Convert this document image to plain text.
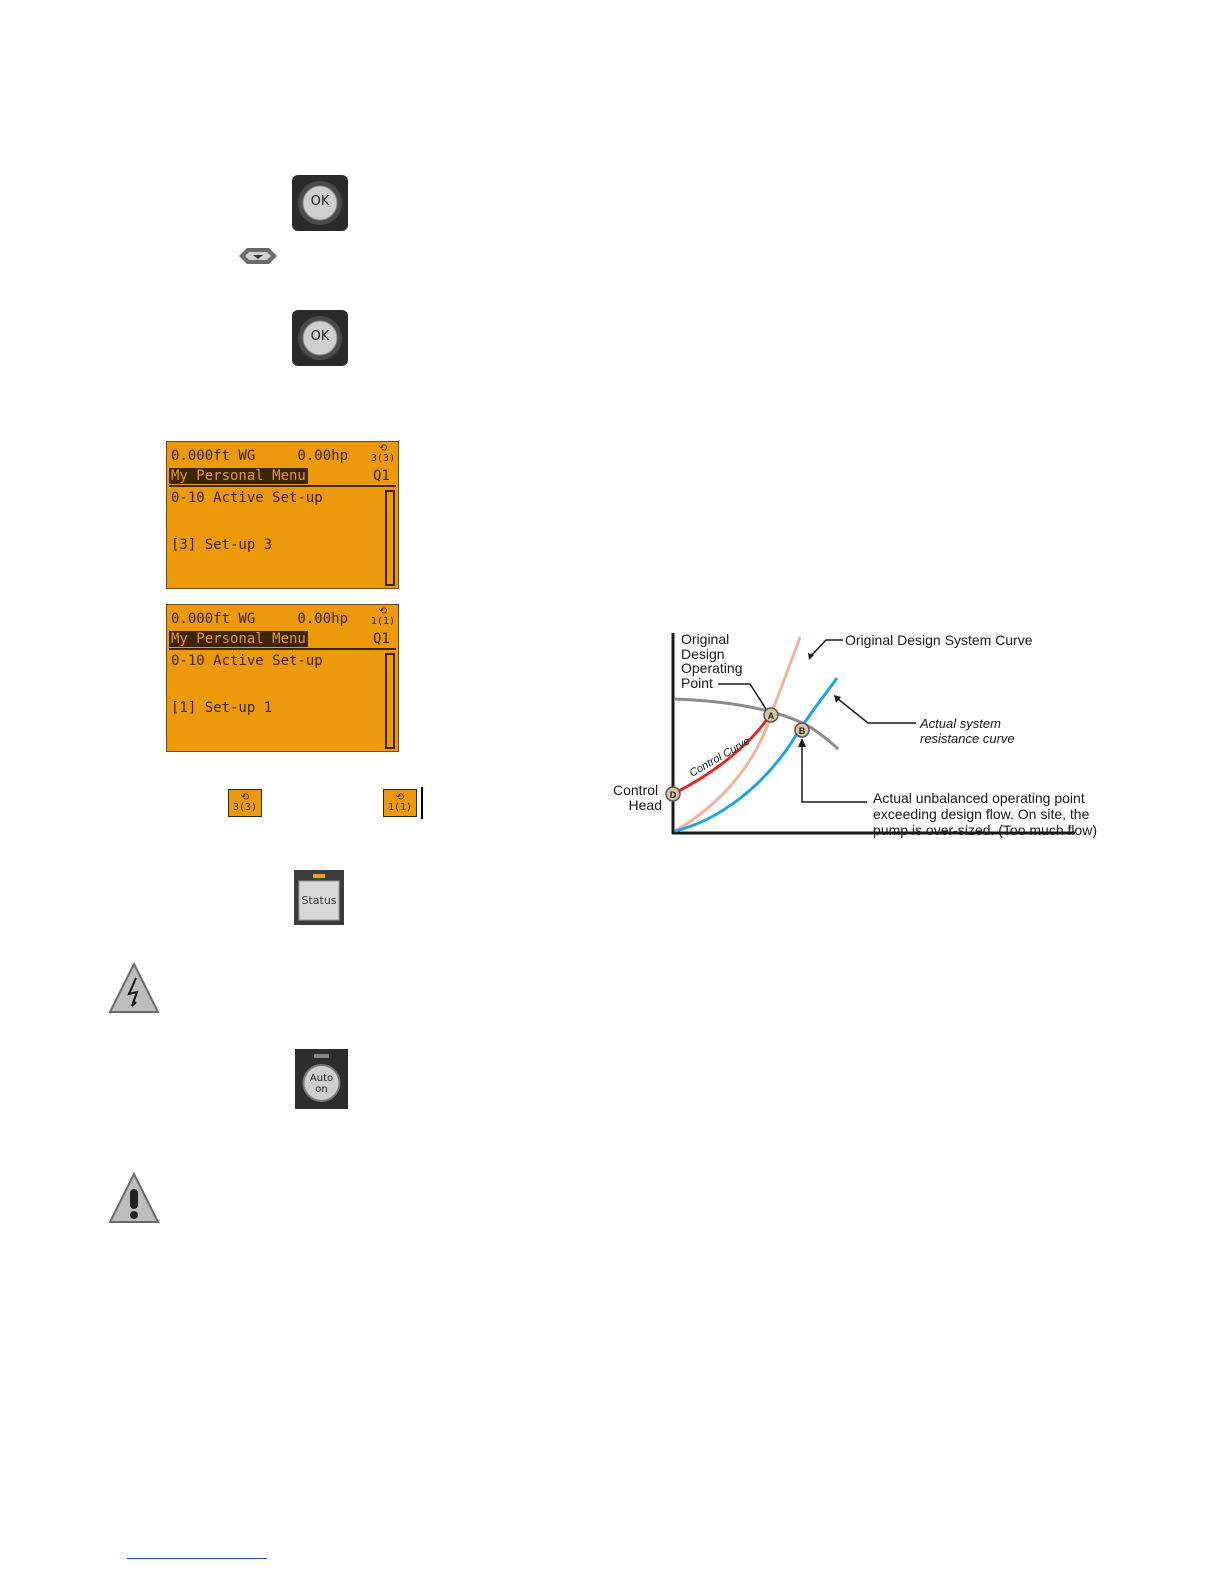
OK
OK
0.000ft WG     0.00hp	⟲
3(3)
My Personal Menu	Q1
0-10 Active Set-up
[3] Set-up 3
0.000ft WG     0.00hp	⟲
1(1)
My Personal Menu	Q1
0-10 Active Set-up
[1] Set-up 1
⟲
3(3)
⟲
1(1)
Status
Auto
on
Control Curve
A
B
D
Original Design Operating Point
Original Design System Curve
Actual system resistance curve
Control Head	Actual unbalanced operating point exceeding design flow. On site, the pump is over-sized. (Too much flow)
